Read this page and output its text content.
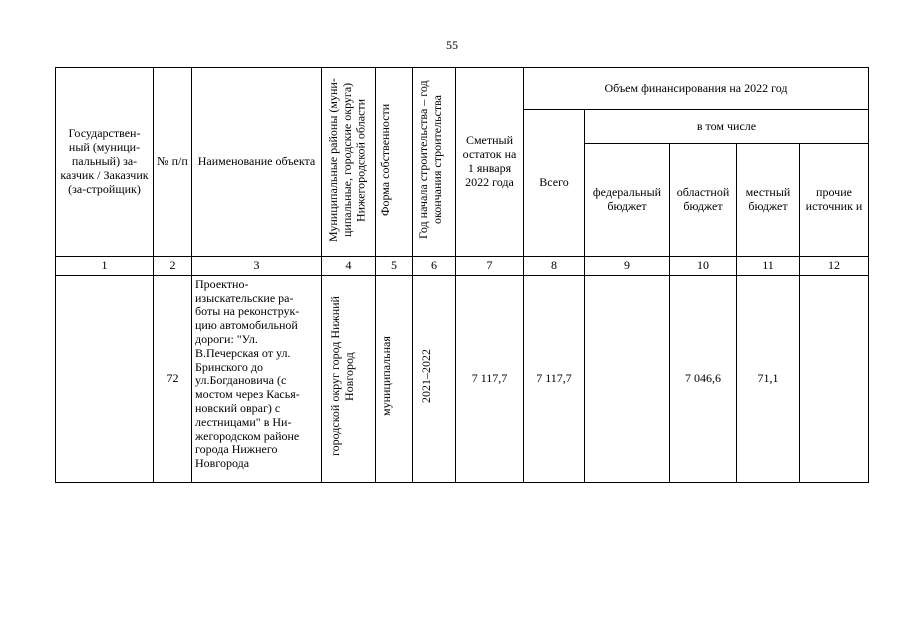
55
Государствен-ный (муници-пальный) за-казчик / Заказчик (за-стройщик)	№ п/п	Наименование объекта	Муниципальные районы (муни-ципальные, городские округа) Нижегородской области	Форма собственности	Год начала строительства – год окончания строительства	Сметный остаток на 1 января 2022 года	Объем финансирования на 2022 год				
							Всего	в том числе			
								федеральный бюджет	областной бюджет	местный бюджет	прочие источник и
1	2	3	4	5	6	7	8	9	10	11	12
	72	Проектно-изыскательские ра-боты на реконструк-цию автомобильной дороги: "Ул. В.Печерская от ул. Бринского до ул.Богдановича (с мостом через Касья-новский овраг) с лестницами" в Ни-жегородском районе города Нижнего Новгорода	городской округ город Нижний Новгород	муниципальная	2021–2022	7 117,7	7 117,7		7 046,6	71,1	
